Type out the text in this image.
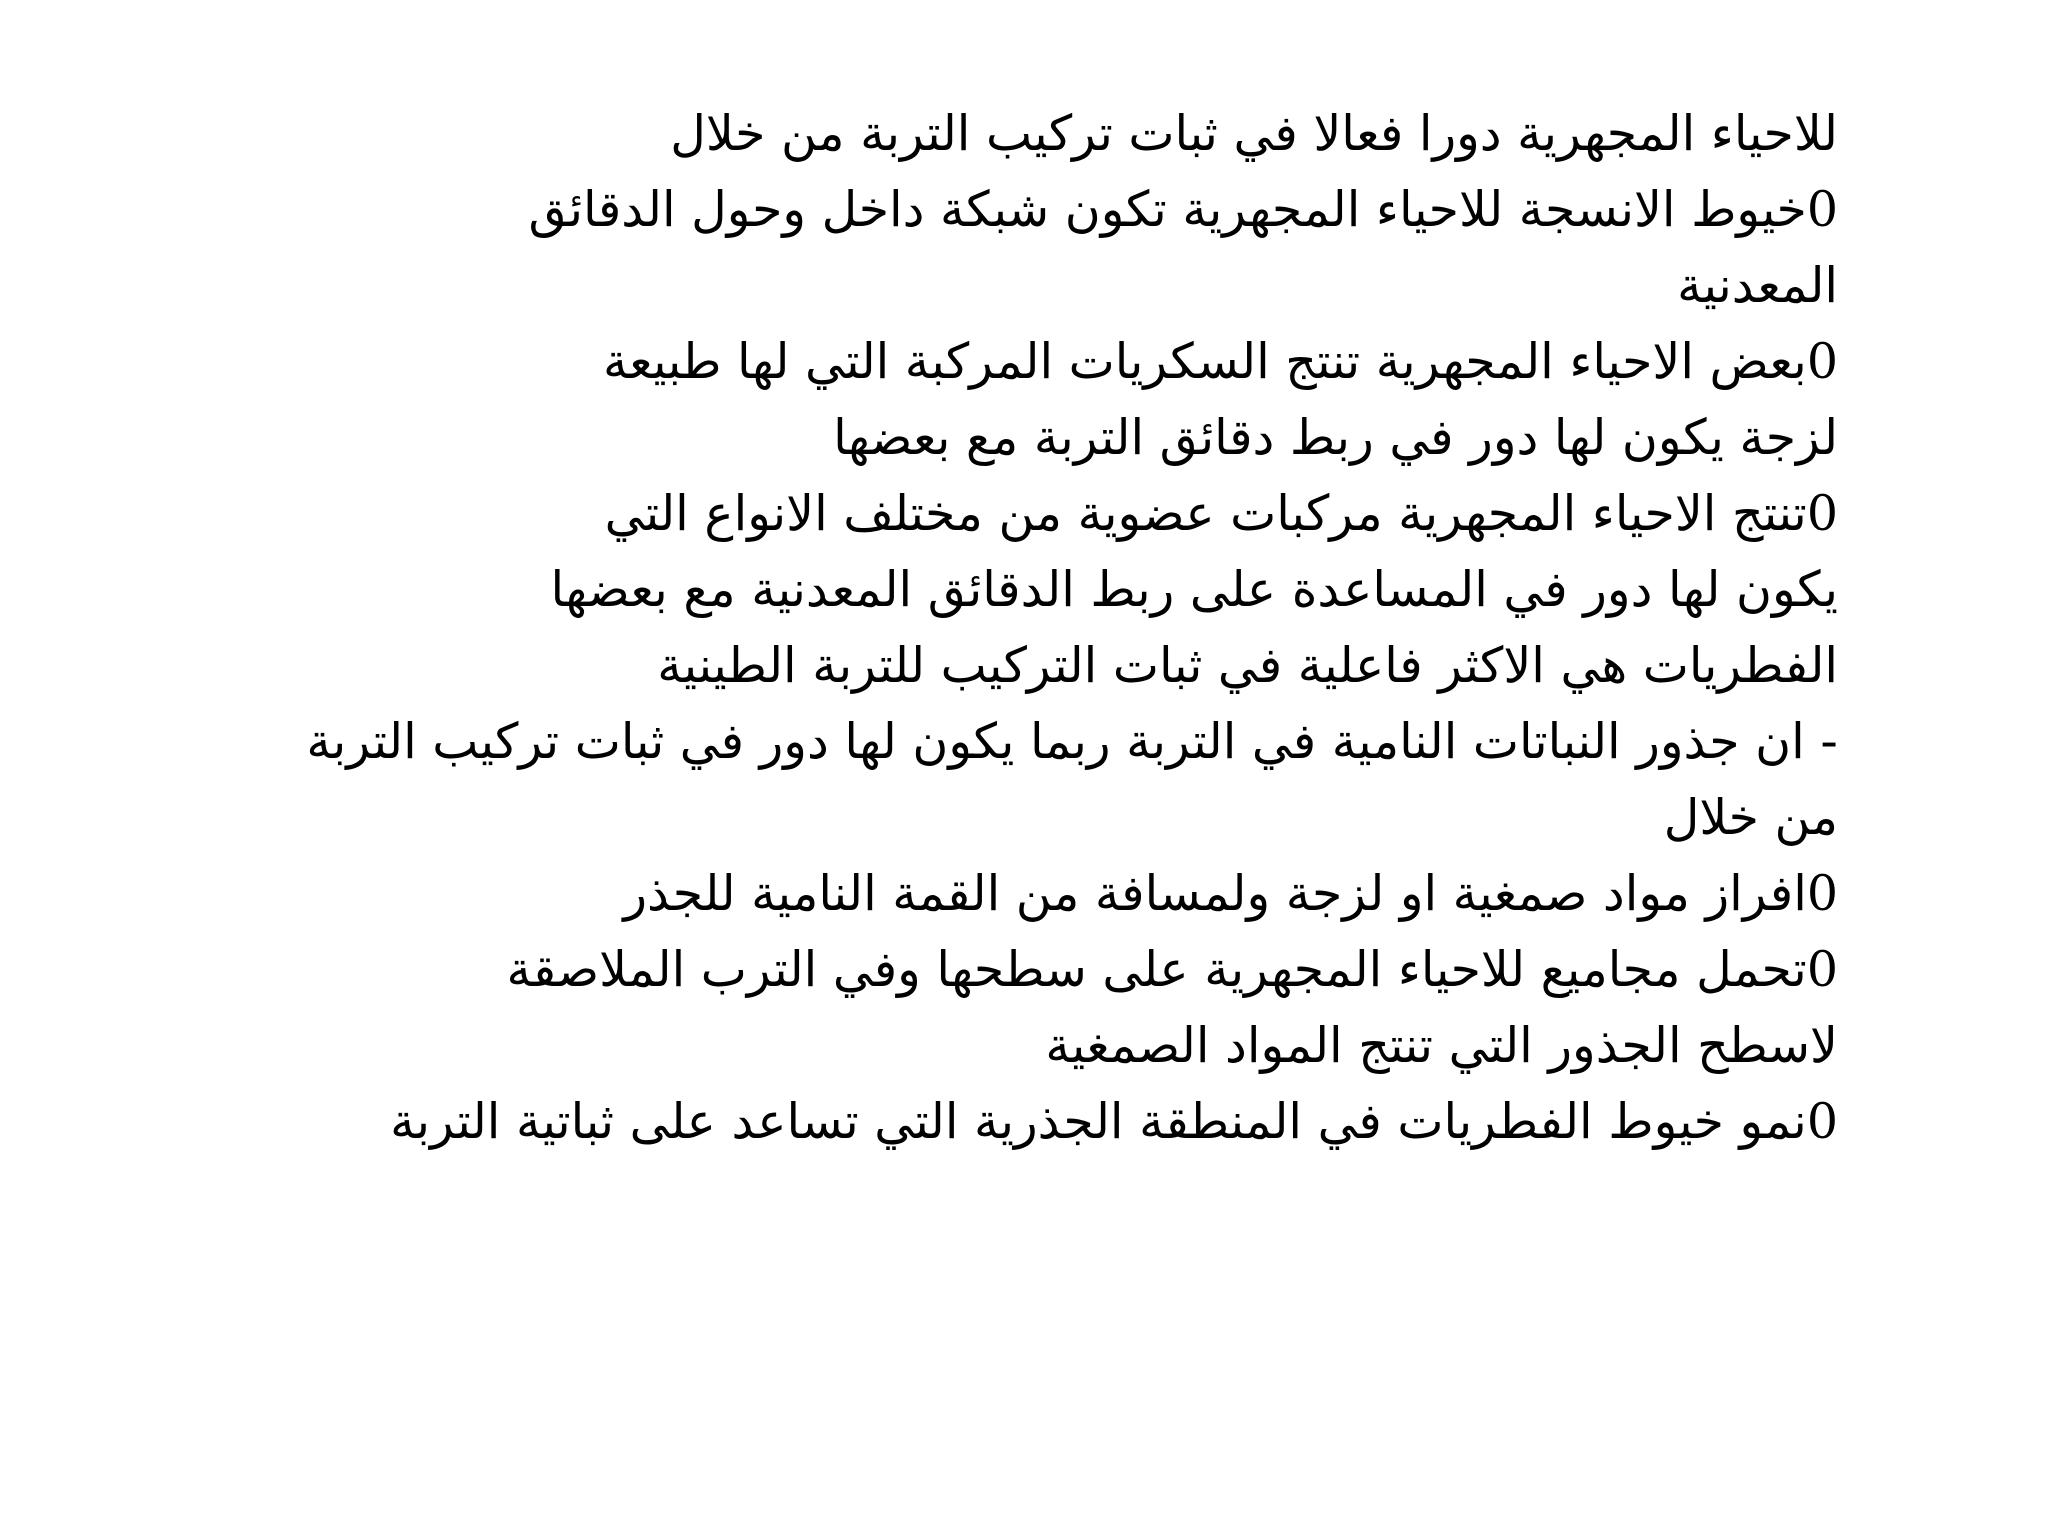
للاحياء المجهرية دورا فعالا في ثبات تركيب التربة من خلال
0خيوط الانسجة للاحياء المجهرية تكون شبكة داخل وحول الدقائق
المعدنية
0بعض الاحياء المجهرية تنتج السكريات المركبة التي لها طبيعة
لزجة يكون لها دور في ربط دقائق التربة مع بعضها
0تنتج الاحياء المجهرية مركبات عضوية من مختلف الانواع التي
يكون لها دور في المساعدة على ربط الدقائق المعدنية مع بعضها
الفطريات هي الاكثر فاعلية في ثبات التركيب للتربة الطينية
- ان جذور النباتات النامية في التربة ربما يكون لها دور في ثبات تركيب التربة
من خلال
0افراز مواد صمغية او لزجة ولمسافة من القمة النامية للجذر
0تحمل مجاميع للاحياء المجهرية على سطحها وفي الترب الملاصقة
لاسطح الجذور التي تنتج المواد الصمغية
0نمو خيوط الفطريات في المنطقة الجذرية التي تساعد على ثباتية التربة
